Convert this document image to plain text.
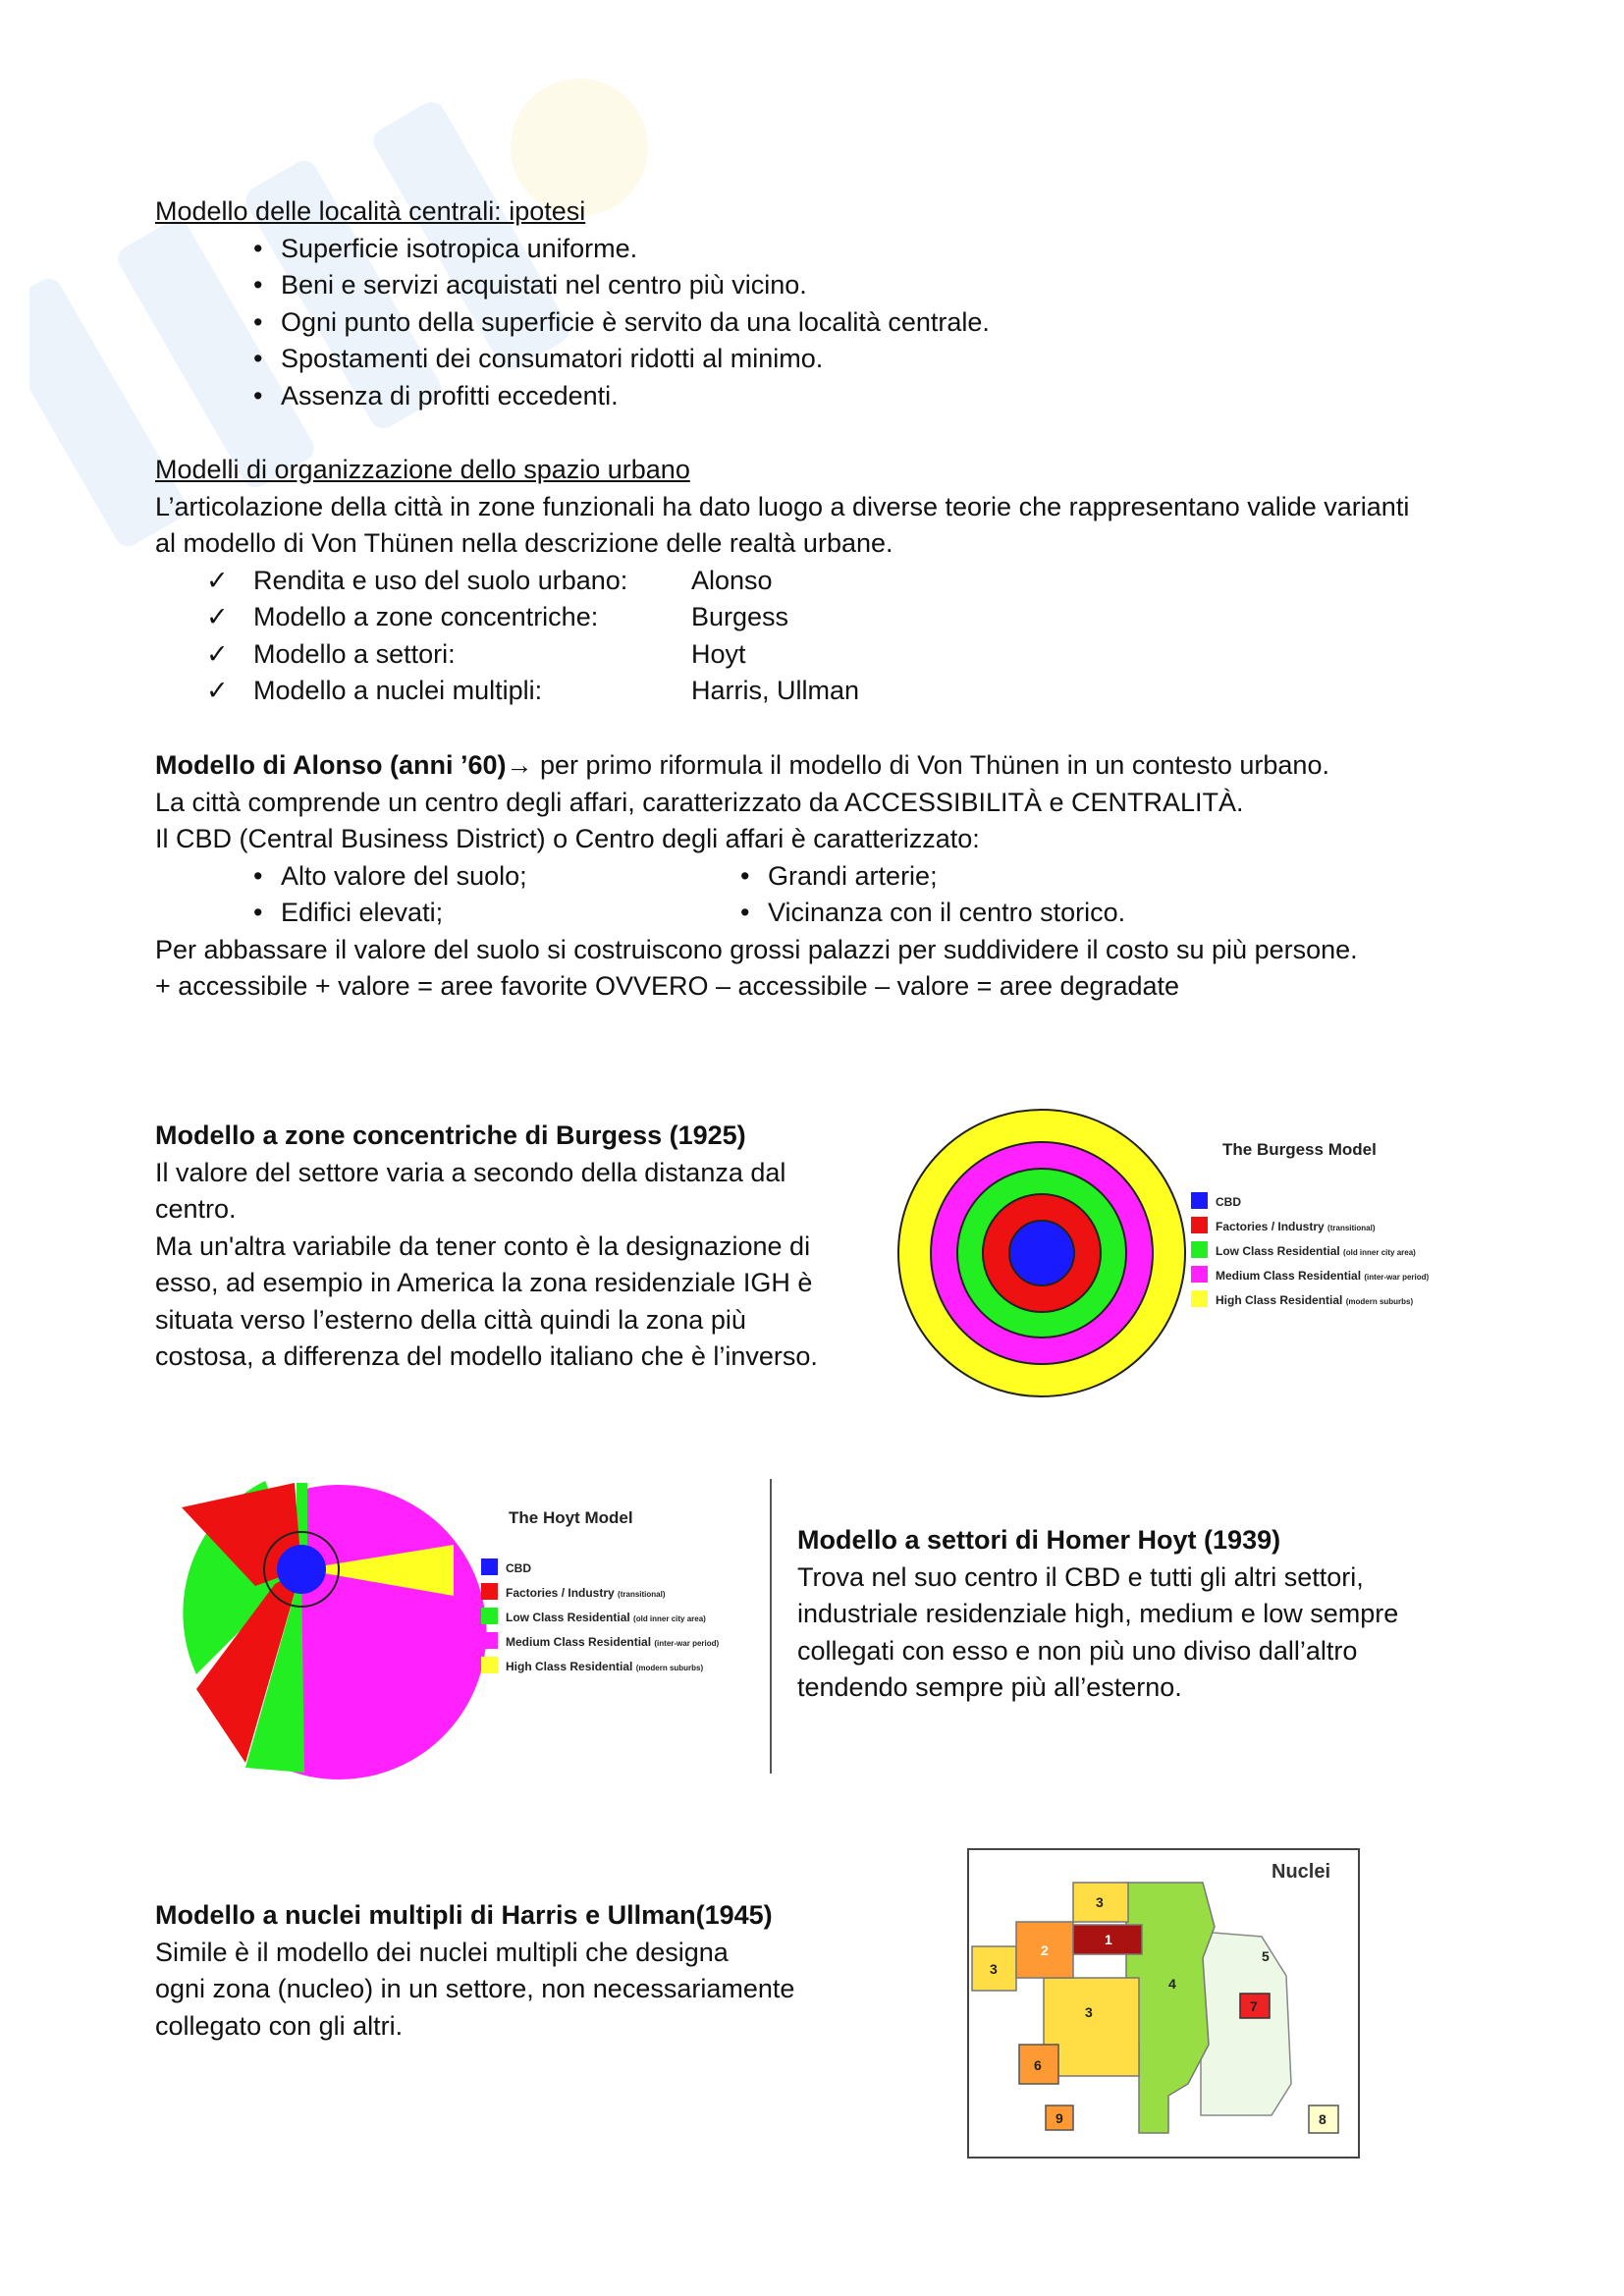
Modello delle località centrali: ipotesi

• Superficie isotropica uniforme.
• Beni e servizi acquistati nel centro più vicino.
• Ogni punto della superficie è servito da una località centrale.
• Spostamenti dei consumatori ridotti al minimo.
• Assenza di profitti eccedenti.

Modelli di organizzazione dello spazio urbano

L’articolazione della città in zone funzionali ha dato luogo a diverse teorie che rappresentano valide varianti

al modello di Von Thünen nella descrizione delle realtà urbane.

✓ Rendita e uso del suolo urbano: Alonso
✓ Modello a zone concentriche:	Burgess
✓ Modello a settori:	Hoyt
✓ Modello a nuclei multipli:	Harris, Ullman

Modello di Alonso (anni ’60)→ per primo riformula il modello di Von Thünen in un contesto urbano.

La città comprende un centro degli affari, caratterizzato da ACCESSIBILITÀ e CENTRALITÀ.

Il CBD (Central Business District) o Centro degli affari è caratterizzato:

• Alto valore del suolo;
• Edifici elevati;
• Grandi arterie;
• Vicinanza con il centro storico.

Per abbassare il valore del suolo si costruiscono grossi palazzi per suddividere il costo su più persone.

+ accessibile + valore = aree favorite OVVERO – accessibile – valore = aree degradate

Modello a zone concentriche di Burgess (1925)

Il valore del settore varia a secondo della distanza dal

centro.

Ma un'altra variabile da tener conto è la designazione di

esso, ad esempio in America la zona residenziale IGH è

situata verso l’esterno della città quindi la zona più

costosa, a differenza del modello italiano che è l’inverso.

The Burgess Model
CBD
Factories / Industry (transitional)
Low Class Residential (old inner city area)
Medium Class Residential (inter-war period)
High Class Residential (modern suburbs)
The Hoyt Model
CBD
Factories / Industry (transitional)
Low Class Residential (old inner city area)
Medium Class Residential (inter-war period)
High Class Residential (modern suburbs)

Modello a settori di Homer Hoyt (1939)

Trova nel suo centro il CBD e tutti gli altri settori,

industriale residenziale high, medium e low sempre

collegati con esso e non più uno diviso dall’altro

tendendo sempre più all’esterno.

Modello a nuclei multipli di Harris e Ullman(1945)

Simile è il modello dei nuclei multipli che designa

ogni zona (nucleo) in un settore, non necessariamente

collegato con gli altri.

Nuclei
3
2
1
3
3
4
5
7
6
9	8
